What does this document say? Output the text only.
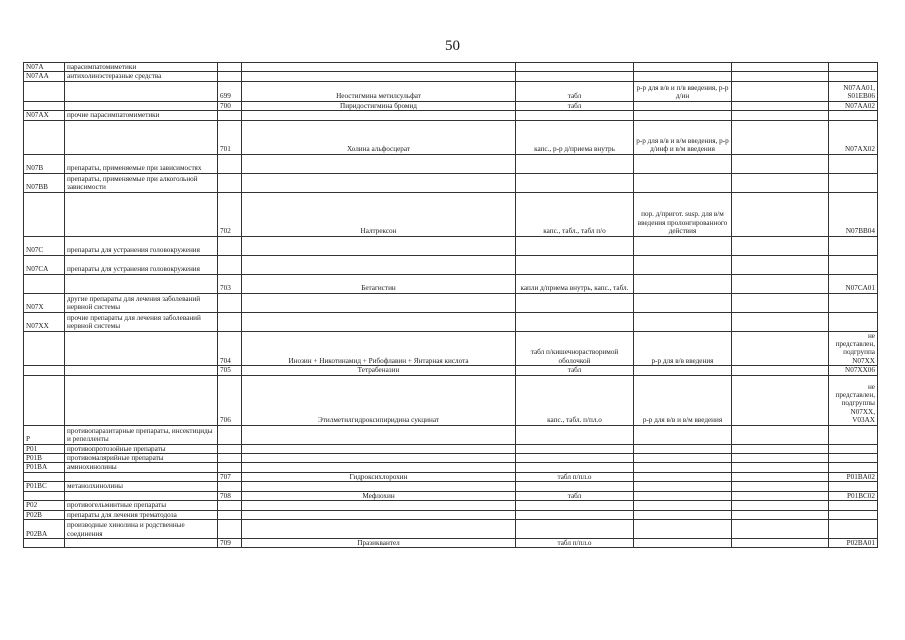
50
N07A	парасимпатомиметики						
N07AA	антихолинэстеразные средства						
		699	Неостигмина метилсульфат	табл	р-р для в/в и п/в введения, р-р д/ин		N07AA01, S01EB06
		700	Пиридостигмина бромид	табл			N07AA02
N07AX	прочие парасимпатомиметики						
		701	Холина альфосцерат	капс., р-р д/приема внутрь	р-р для в/в и в/м введения, р-р д/инф и в/м введения		N07AX02
N07B	препараты, применяемые при зависимостях						
N07BB	препараты, применяемые при алкогольной зависимости						
		702	Налтрексон	капс., табл., табл п/о	пор. д/пригот. susp. для в/м введения пролонгированного действия		N07BB04
N07C	препараты для устранения головокружения						
N07CA	препараты для устранения головокружения						
		703	Бетагистин	капли д/приема внутрь, капс., табл.			N07CA01
N07X	другие препараты для лечения заболеваний нервной системы						
N07XX	прочие препараты для лечения заболеваний нервной системы						
		704	Инозин + Никотинамид + Рибофлавин + Янтарная кислота	табл п/кишечнорастворимой оболочкой	р-р для в/в введения		не представлен, подгруппа N07XX
		705	Тетрабеназин	табл			N07XX06
		706	Этилметилгидроксипиридина сукцинат	капс., табл. п/пл.о	р-р для в/в и в/м введения		не представлен, подгруппы N07XX, V03AX
P	противопаразитарные препараты, инсектициды и репелленты						
P01	противопротозойные препараты						
P01B	противомалярийные препараты						
P01BA	аминохинолины						
		707	Гидроксихлорохин	табл п/пл.о			P01BA02
P01BC	метанолхинолины						
		708	Мефлохин	табл			P01BC02
P02	противогельминтные препараты						
P02B	препараты для лечения трематодоза						
P02BA	производные хинолина и родственные соединения						
		709	Празиквантел	табл п/пл.о			P02BA01
